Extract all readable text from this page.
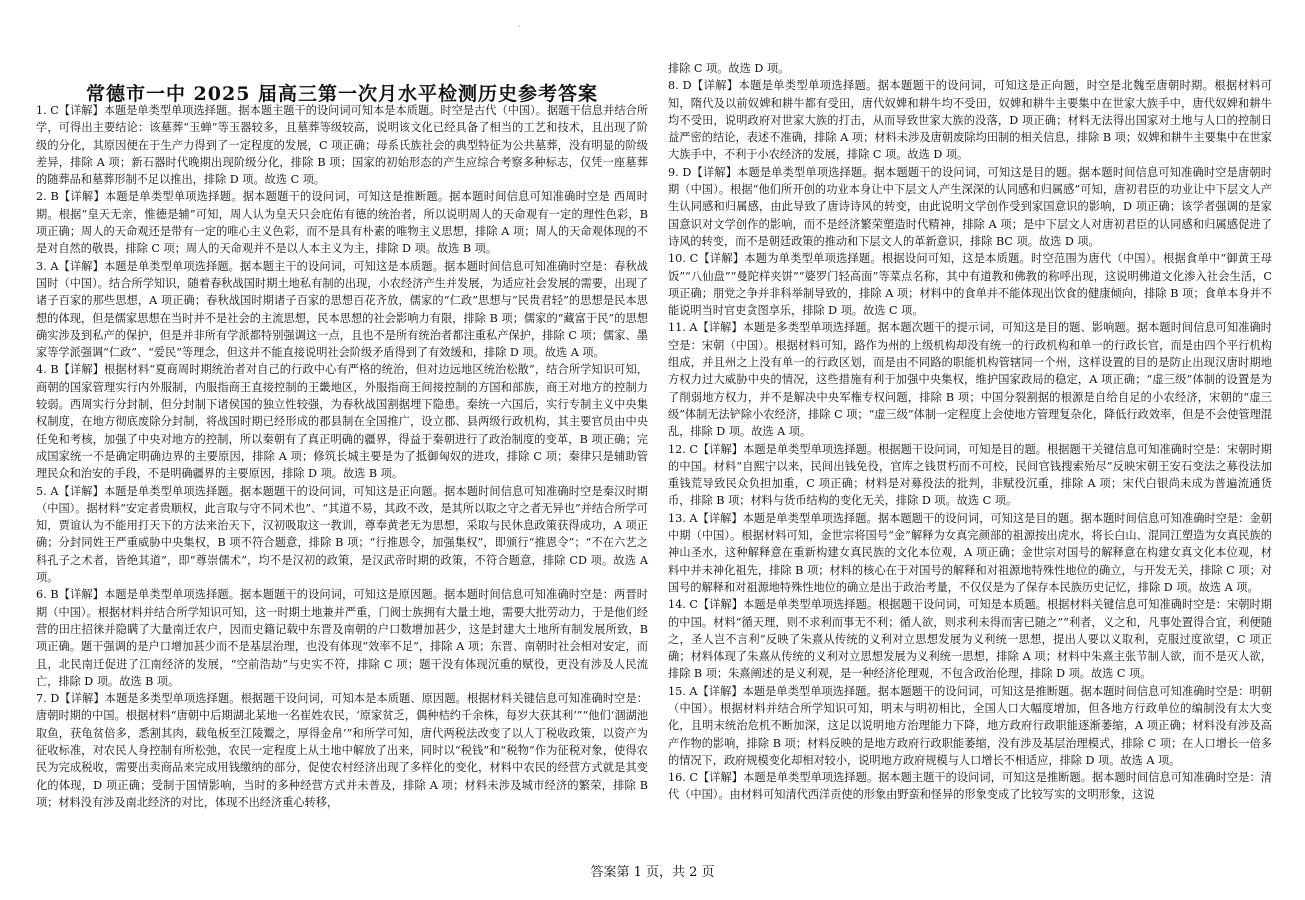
·
常德市一中 2025 届高三第一次月水平检测历史参考答案

1. C【详解】本题是单类型单项选择题。据本题主题干的设问词可知本是本质题。时空是古代（中国）。据题干信息并结合所学，可得出主要结论：该墓葬“玉蝉”等玉器较多，且墓葬等级较高，说明该文化已经具备了相当的工艺和技术，且出现了阶级的分化，其原因便在于生产力得到了一定程度的发展，C 项正确；母系氏族社会的典型特征为公共墓葬，没有明显的阶级差异，排除 A 项；新石器时代晚期出现阶级分化，排除 B 项；国家的初始形态的产生应综合考察多种标志，仅凭一座墓葬的随葬品和墓葬形制不足以推出，排除 D 项。故选 C 项。

2. B【详解】本题是单类型单项选择题。据本题题干的设问词，可知这是推断题。据本题时间信息可知准确时空是 西周时期。根据“皇天无亲，惟德是辅”可知，周人认为皇天只会庇佑有德的统治者，所以说明周人的天命观有一定的理性色彩，B 项正确；周人的天命观还是带有一定的唯心主义色彩，而不是具有朴素的唯物主义思想，排除 A 项；周人的天命观体现的不是对自然的敬畏，排除 C 项；周人的天命观并不是以人本主义为主，排除 D 项。故选 B 项。

3. A【详解】本题是单类型单项选择题。据本题主干的设问词，可知这是本质题。据本题时间信息可知准确时空是：春秋战国时（中国）。结合所学知识，随着春秋战国时期土地私有制的出现，小农经济产生并发展，为适应社会发展的需要，出现了诸子百家的那些思想，A 项正确；春秋战国时期诸子百家的思想百花齐放，儒家的“仁政”思想与“民贵君轻”的思想是民本思想的体现，但是儒家思想在当时并不是社会的主流思想，民本思想的社会影响力有限，排除 B 项；儒家的“藏富于民”的思想确实涉及到私产的保护，但是并非所有学派都特别强调这一点，且也不是所有统治者都注重私产保护，排除 C 项；儒家、墨家等学派强调“仁政”、“爱民”等理念，但这并不能直接说明社会阶级矛盾得到了有效缓和，排除 D 项。故选 A 项。

4. B【详解】根据材料“夏商周时期统治者对自己的行政中心有严格的统治，但对边远地区统治松散”，结合所学知识可知，商朝的国家管理实行内外服制，内服指商王直接控制的王畿地区，外服指商王间接控制的方国和部族，商王对地方的控制力较弱。西周实行分封制，但分封制下诸侯国的独立性较强，为春秋战国割据埋下隐患。秦统一六国后，实行专制主义中央集权制度，在地方彻底废除分封制，将战国时期已经形成的郡县制在全国推广，设立郡、县两级行政机构，其主要官员由中央任免和考核，加强了中央对地方的控制，所以秦朝有了真正明确的疆界，得益于秦朝进行了政治制度的变革，B 项正确；完成国家统一不是确定明确边界的主要原因，排除 A 项；修筑长城主要是为了抵御匈奴的进攻，排除 C 项；秦律只是辅助管理民众和治安的手段，不是明确疆界的主要原因，排除 D 项。故选 B 项。

5. A【详解】本题是单类型单项选择题。据本题题干的设问词，可知这是正向题。据本题时间信息可知准确时空是秦汉时期（中国）。据材料“安定者贵顺权，此言取与守不同术也”、“其道不易，其政不改，是其所以取之守之者无异也”并结合所学可知，贾谊认为不能用打天下的方法来治天下，汉初吸取这一教训，尊奉黄老无为思想，采取与民休息政策获得成功，A 项正确；分封同姓王严重威胁中央集权，B 项不符合题意，排除 B 项；“行推恩令，加强集权”，即颁行“推恩令”；“不在六艺之科孔子之术者，皆绝其道”，即“尊崇儒术”，均不是汉初的政策，是汉武帝时期的政策，不符合题意，排除 CD 项。故选 A 项。

6. B【详解】本题是单类型单项选择题。据本题题干的设问词，可知这是原因题。据本题时间信息可知准确时空是：两晋时期（中国）。根据材料并结合所学知识可知，这一时期土地兼并严重，门阀士族拥有大量土地，需要大批劳动力，于是他们经营的田庄招徕并隐瞒了大量南迁农户，因而史籍记载中东晋及南朝的户口数增加甚少，这是封建大土地所有制发展所致，B 项正确。题干强调的是户口增加甚少而不是基层治理，也没有体现“效率不足”，排除 A 项；东晋、南朝时社会相对安定，而且，北民南迁促进了江南经济的发展，“空前浩劫”与史实不符，排除 C 项；题干没有体现沉重的赋役，更没有涉及人民流亡，排除 D 项。故选 B 项。

7. D【详解】本题是多类型单项选择题。根据题干设问词，可知本是本质题、原因题。根据材料关键信息可知准确时空是：唐朝时期的中国。根据材料“唐朝中后期湖北某地一名崔姓农民，‘原家贫乏，偶种桔约千余株，每岁大获其利’”“他们‘涸湖池取鱼，获龟贫倍多，悉割其肉，载龟板至江陵鬻之，厚得金帛’”和所学可知，唐代两税法改变了以人丁税收政策，以资产为征收标准，对农民人身控制有所松弛，农民一定程度上从土地中解放了出来，同时以“税钱”和“税物”作为征税对象，使得农民为完成税收，需要出卖商品来完成用钱缴纳的部分，促使农村经济出现了多样化的变化，材料中农民的经营方式就是其变化的体现，D 项正确；受制于国情影响，当时的多种经营方式并未普及，排除 A 项；材料未涉及城市经济的繁荣，排除 B 项；材料没有涉及南北经济的对比，体现不出经济重心转移，

排除 C 项。故选 D 项。

8. D【详解】本题是单类型单项选择题。据本题题干的设问词，可知这是正向题，时空是北魏至唐朝时期。根据材料可知，隋代及以前奴婢和耕牛都有受田，唐代奴婢和耕牛均不受田，奴婢和耕牛主要集中在世家大族手中，唐代奴婢和耕牛均不受田，说明政府对世家大族的打击，从而导致世家大族的没落，D 项正确；材料无法得出国家对土地与人口的控制日益严密的结论，表述不准确，排除 A 项；材料未涉及唐朝废除均田制的相关信息，排除 B 项；奴婢和耕牛主要集中在世家大族手中，不利于小农经济的发展，排除 C 项。故选 D 项。

9. D【详解】本题是单类型单项选择题。据本题题干的设问词，可知这是目的题。据本题时间信息可知准确时空是唐朝时期（中国）。根据“他们所开创的功业本身让中下层文人产生深深的认同感和归属感”可知，唐初君臣的功业让中下层文人产生认同感和归属感，由此导致了唐诗诗风的转变，由此说明文学创作受到家国意识的影响，D 项正确；该学者强调的是家国意识对文学创作的影响，而不是经济繁荣塑造时代精神，排除 A 项；是中下层文人对唐初君臣的认同感和归属感促进了诗风的转变，而不是朝廷政策的推动和下层文人的革新意识，排除 BC 项。故选 D 项。

10. C【详解】本题为单类型单项选择题。根据设问可知，这是本质题。时空范围为唐代（中国）。根据食单中“御黄王母饭”“八仙盘”“曼陀样夹饼”“婆罗门轻高面”等菜点名称，其中有道教和佛教的称呼出现，这说明佛道文化渗入社会生活，C 项正确；朋党之争并非科举制导致的，排除 A 项；材料中的食单并不能体现出饮食的健康倾向，排除 B 项；食单本身并不能说明当时官吏贪图享乐，排除 D 项。故选 C 项。

11. A【详解】本题是多类型单项选择题。据本题次题干的提示词，可知这是目的题、影响题。据本题时间信息可知准确时空是：宋朝（中国）。根据材料可知，路作为州的上级机构却没有统一的行政机构和单一的行政长官，而是由四个平行机构组成，并且州之上没有单一的行政区划，而是由不同路的职能机构管辖同一个州，这样设置的目的是防止出现汉唐时期地方权力过大威胁中央的情况，这些措施有利于加强中央集权，维护国家政局的稳定，A 项正确；“虚三级”体制的设置是为了削弱地方权力，并不是解决中央军権专权问题，排除 B 项；中国分裂割据的根源是自给自足的小农经济，宋朝的“虚三级”体制无法铲除小农经济，排除 C 项；“虚三级”体制一定程度上会使地方管理复杂化，降低行政效率，但是不会使管理混乱，排除 D 项。故选 A 项。

12. C【详解】本题是单类型单项选择题。根据题干设问词，可知是目的题。根据题干关键信息可知准确时空是：宋朝时期的中国。材料“自熙宁以来，民间出钱免役，官库之钱贯朽而不可校，民间官钱搜索殆尽”反映宋朝王安石变法之募役法加重钱荒导致民众负担加重，C 项正确；材料是对募役法的批判，非赋役沉重，排除 A 项；宋代白银尚未成为普遍流通货币，排除 B 项；材料与货币结构的变化无关，排除 D 项。故选 C 项。

13. A【详解】本题是单类型单项选择题。据本题题干的设问词，可知这是目的题。据本题时间信息可知准确时空是：金朝中期（中国）。根据材料可知，金世宗将国号“金”解释为女真完颜部的祖源按出虎水，将长白山、混同江塑造为女真民族的神山圣水，这种解释意在重新构建女真民族的文化本位观，A 项正确；金世宗对国号的解释意在构建女真文化本位观，材料中并未神化祖先，排除 B 项；材料的核心在于对国号的解释和对祖源地特殊性地位的确立，与开发无关，排除 C 项；对国号的解释和对祖源地特殊性地位的确立是出于政治考量，不仅仅是为了保存本民族历史记忆，排除 D 项。故选 A 项。

14. C【详解】本题是单类型单项选择题。根据题干设问词，可知是本质题。根据材料关键信息可知准确时空是：宋朝时期的中国。材料“循天理，则不求利而事无不利；循人欲，则求利未得而害已随之”“利者，义之和，凡事处置得合宜，利便随之，圣人岂不言利”反映了朱熹从传统的义利对立思想发展为义利统一思想，提出人要以义取利，克服过度欲望，C 项正确；材料体现了朱熹从传统的义利对立思想发展为义利统一思想，排除 A 项；材料中朱熹主张节制人欲，而不是灭人欲，排除 B 项；朱熹阐述的是义利观，是一种经济伦理观，不包含政治伦理，排除 D 项。故选 C 项。

15. A【详解】本题是单类型单项选择题。据本题题干的设问词，可知这是推断题。据本题时间信息可知准确时空是：明朝（中国）。根据材料并结合所学知识可知，明末与明初相比，全国人口大幅度增加，但各地方行政单位的编制没有太大变化，且明末统治危机不断加深，这足以说明地方治理能力下降，地方政府行政职能逐渐萎缩，A 项正确；材料没有涉及高产作物的影响，排除 B 项；材料反映的是地方政府行政职能萎缩，没有涉及基层治理模式，排除 C 项；在人口增长一倍多的情况下，政府规模变化却相对较小，说明地方政府规模与人口增长不相适应，排除 D 项。故选 A 项。

16. C【详解】本题是单类型单项选择题。据本题主题干的设问词，可知这是推断题。据本题时间信息可知准确时空是：清代（中国）。由材料可知清代西洋贡使的形象由野蛮和怪异的形象变成了比较写实的文明形象，这说

答案第 1 页，共 2 页
